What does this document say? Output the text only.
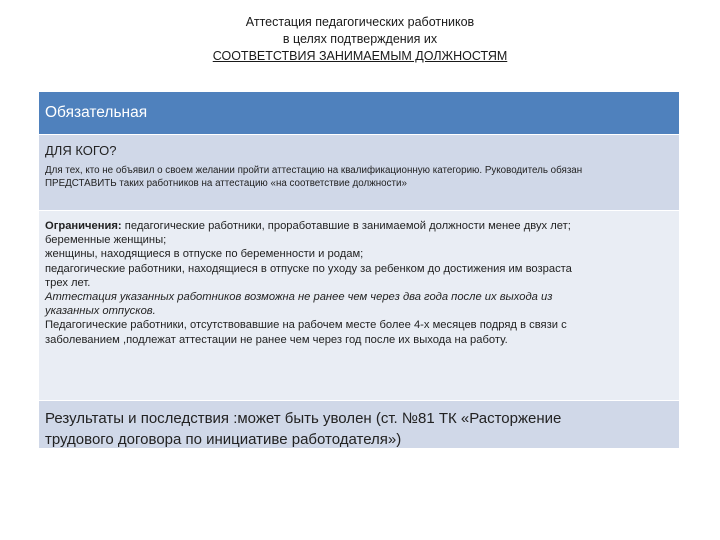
Аттестация педагогических работников
в целях подтверждения их
СООТВЕТСТВИЯ ЗАНИМАЕМЫМ ДОЛЖНОСТЯМ
Обязательная
ДЛЯ КОГО?
Для тех, кто не объявил о своем желании пройти аттестацию на квалификационную категорию. Руководитель обязан
ПРЕДСТАВИТЬ таких работников на аттестацию «на соответствие должности»
Ограничения: педагогические работники, проработавшие в занимаемой должности менее двух лет;
беременные женщины;
женщины, находящиеся в отпуске по беременности и родам;
педагогические работники, находящиеся в отпуске по уходу за ребенком до достижения им возраста
трех лет.
Аттестация указанных работников возможна не ранее чем через два года после их выхода из
указанных отпусков.
Педагогические работники, отсутствовавшие на рабочем месте более 4-х месяцев подряд в связи с
заболеванием ,подлежат аттестации не ранее чем через год после их выхода на работу.
Результаты и последствия :может быть уволен (ст. №81 ТК «Расторжение
трудового договора по инициативе работодателя»)
